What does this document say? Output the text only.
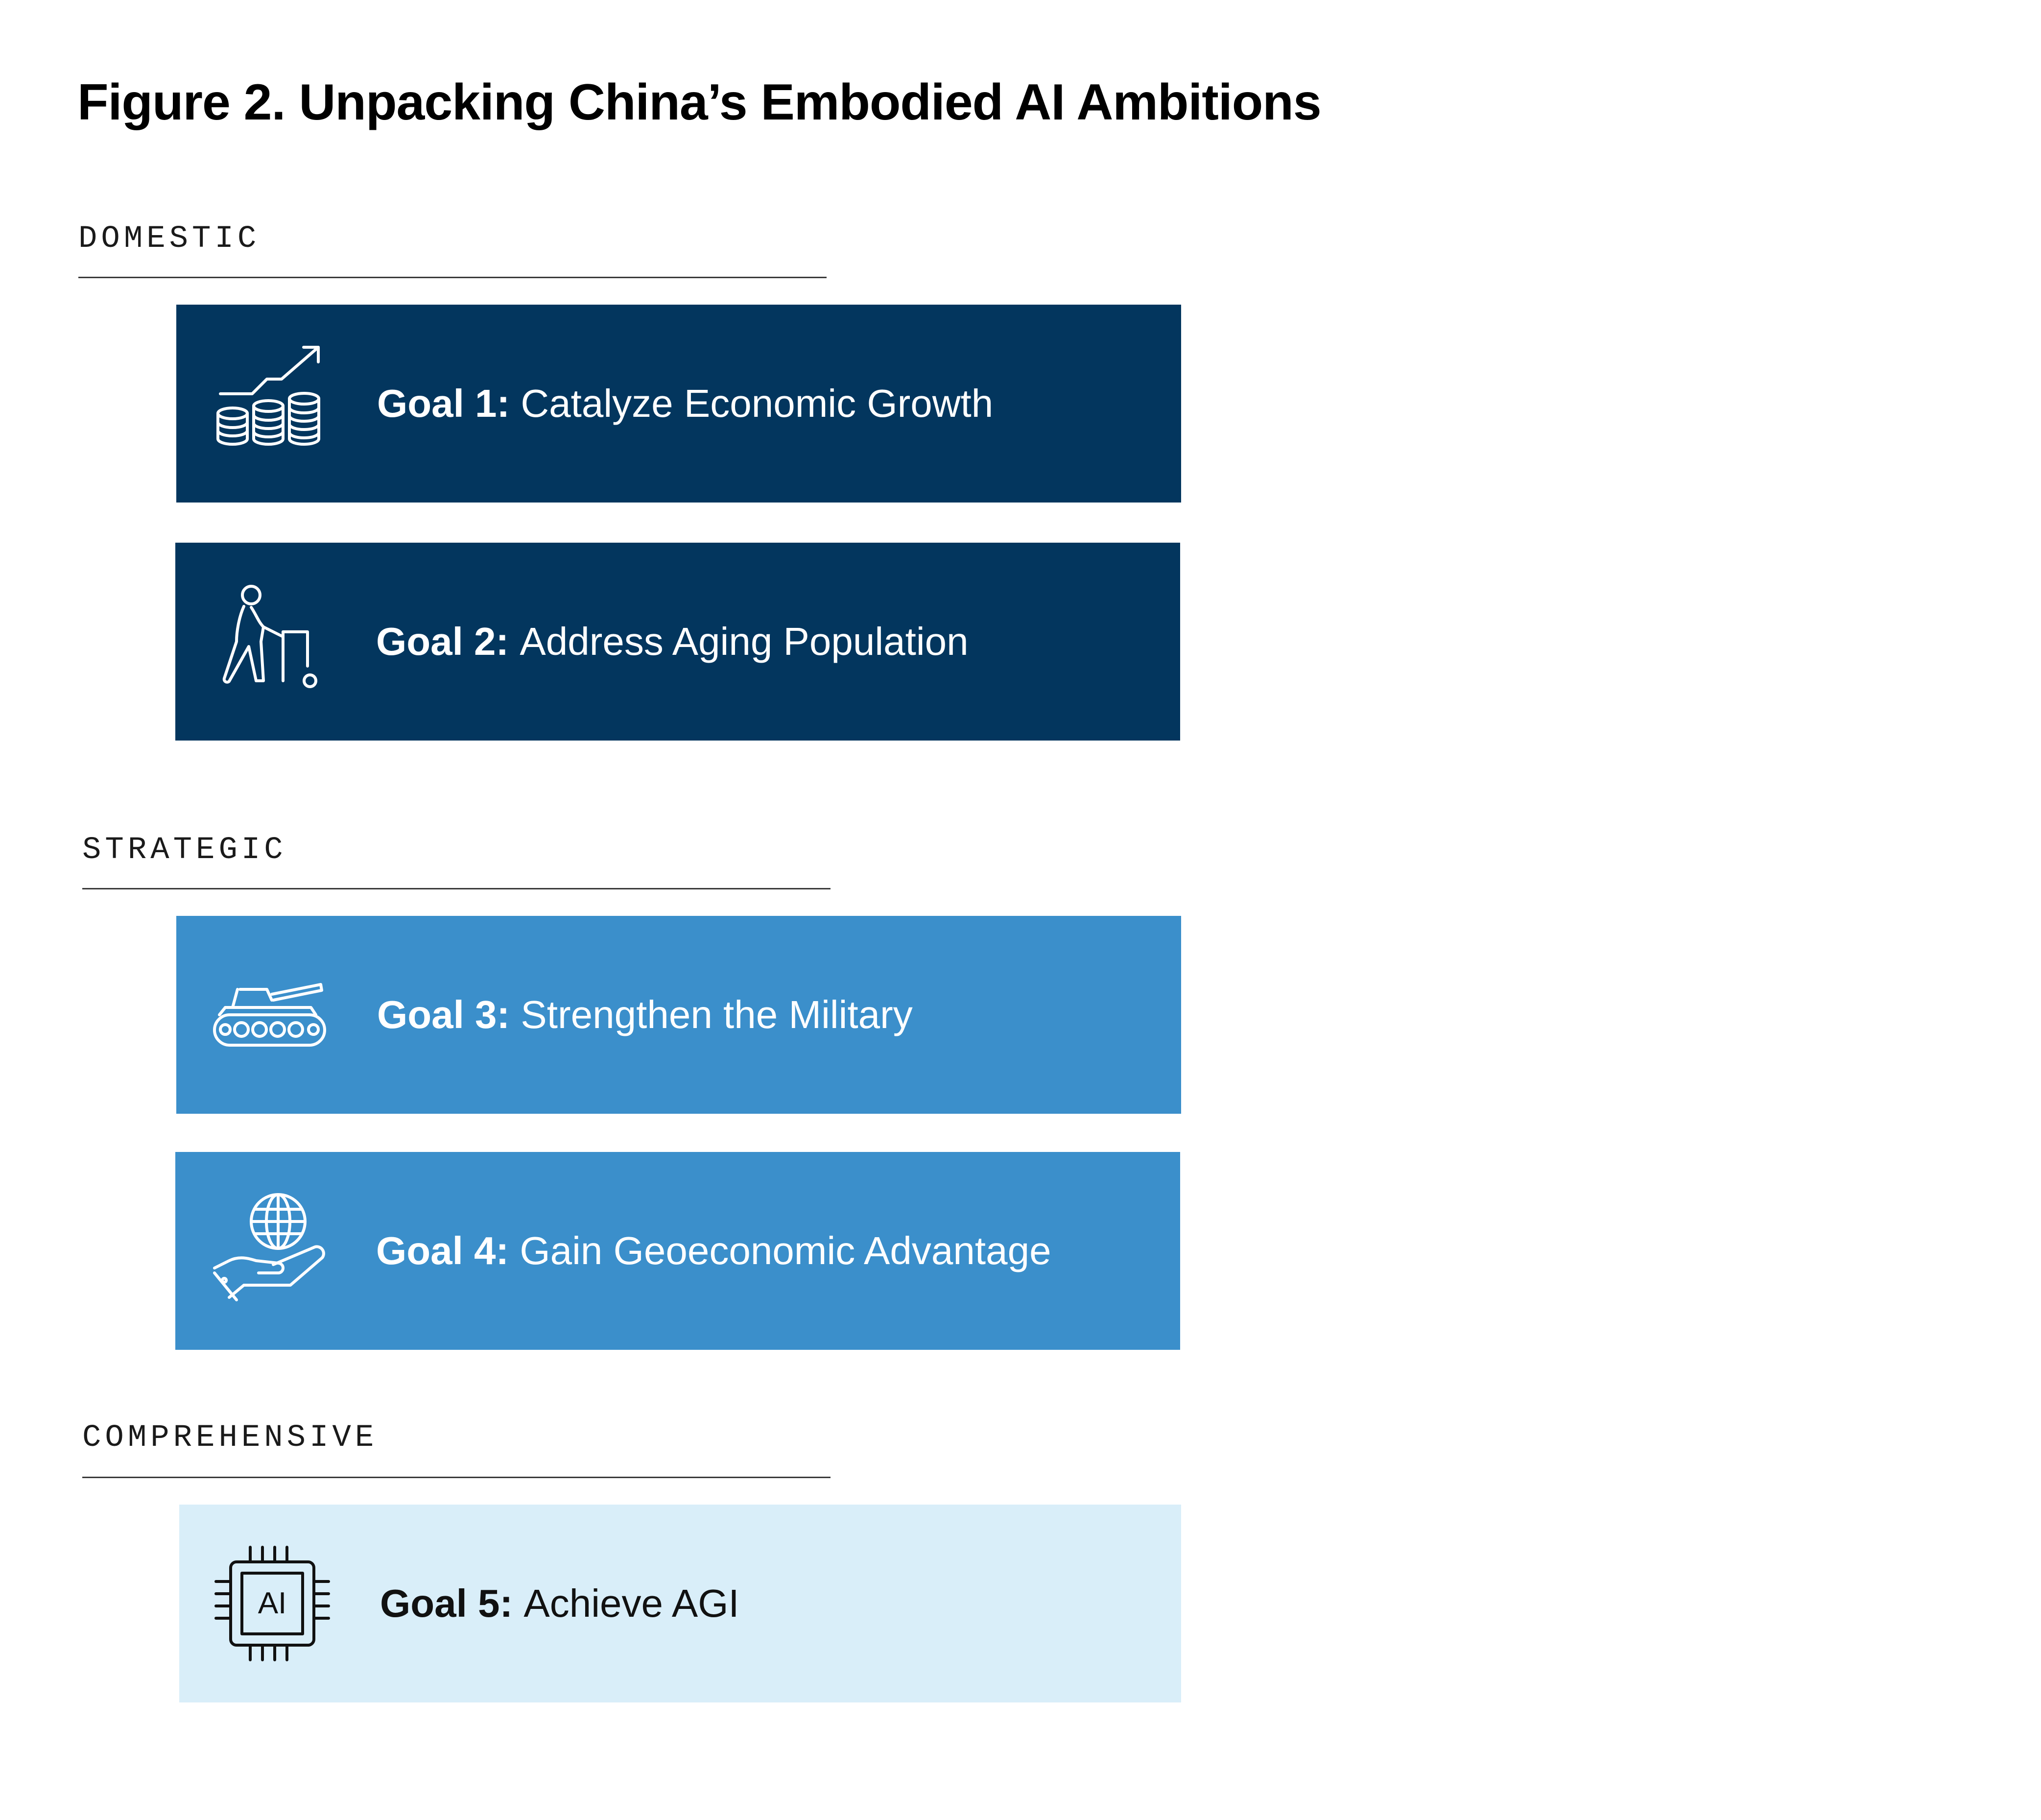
Figure 2. Unpacking China’s Embodied AI Ambitions
DOMESTIC
Goal 1:
Catalyze Economic Growth
Goal 2:
Address Aging Population
STRATEGIC
Goal 3:
Strengthen the Military
Goal 4:
Gain Geoeconomic Advantage
COMPREHENSIVE
AI Goal 5:
Achieve AGI
